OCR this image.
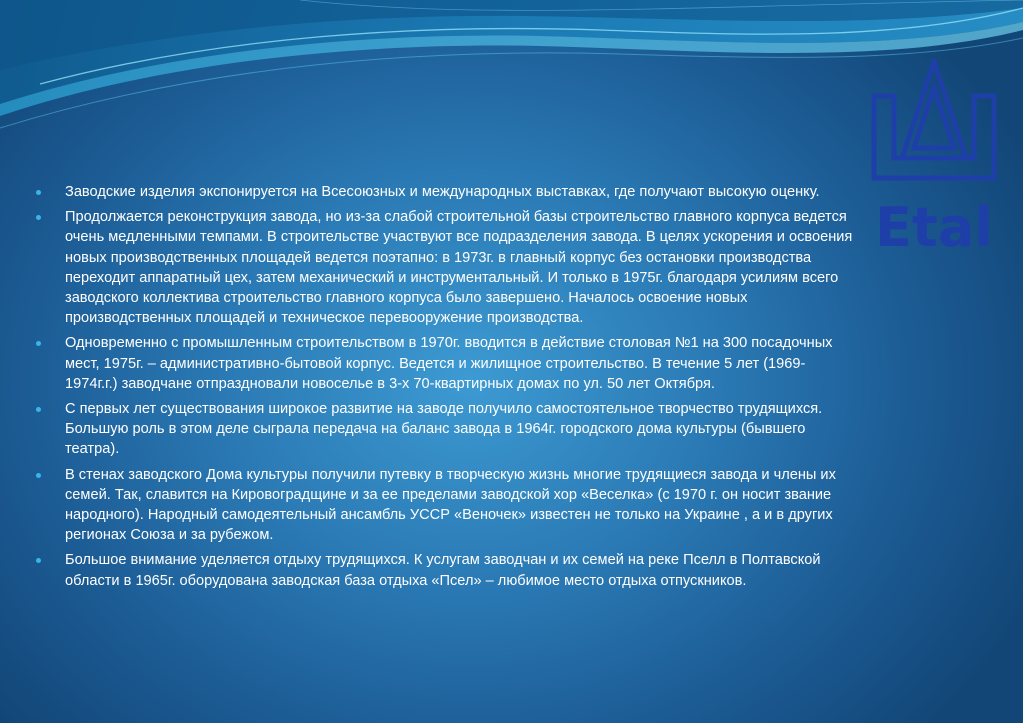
Etal
Заводские изделия экспонируется на Всесоюзных и международных выставках, где получают высокую оценку.
Продолжается реконструкция завода, но из-за слабой строительной базы строительство главного корпуса ведется очень медленными темпами. В строительстве участвуют все подразделения завода. В целях ускорения и освоения новых производственных площадей ведется поэтапно: в 1973г. в главный корпус без остановки производства переходит аппаратный цех, затем механический и инструментальный. И только в 1975г. благодаря усилиям всего заводского коллектива строительство главного корпуса было завершено. Началось освоение новых производственных площадей и техническое перевооружение производства.
Одновременно с промышленным строительством в 1970г. вводится в действие столовая №1 на 300 посадочных мест, 1975г. – административно-бытовой корпус. Ведется и жилищное строительство. В течение 5 лет (1969-1974г.г.) заводчане отпраздновали новоселье в 3-х 70-квартирных домах по ул. 50 лет Октября.
С первых лет существования широкое развитие на заводе получило самостоятельное творчество трудящихся. Большую роль в этом деле сыграла передача на баланс завода в 1964г. городского дома культуры (бывшего театра).
В стенах заводского Дома культуры получили путевку в творческую жизнь многие трудящиеся завода и члены их семей. Так, славится на Кировоградщине и за ее пределами заводской хор «Веселка» (с 1970 г. он носит звание народного). Народный самодеятельный ансамбль УССР «Веночек» известен не только на Украине , а и в других регионах Союза и за рубежом.
Большое внимание уделяется отдыху трудящихся. К услугам заводчан и их семей на реке Пселл в Полтавской области в 1965г. оборудована заводская база отдыха «Псел» – любимое место отдыха отпускников.
